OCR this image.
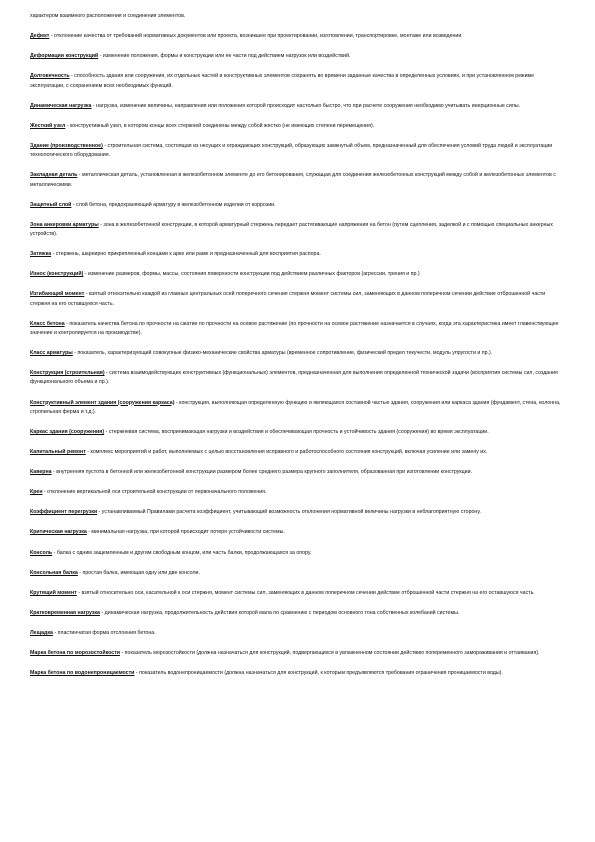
характером взаимного расположения и соединения элементов.

Дефект - отклонение качества от требований нормативных документов или проекта, возникшее при проектировании, изготовлении, транспортировке, монтаже или возведении.

Деформации конструкций - изменение положения, формы и конструкции или ее части под действием нагрузок или воздействий.

Долговечность - способность здания или сооружения, их отдельных частей и конструктивных элементов сохранять во времени заданные качества в определенных условиях, и при установленном режиме эксплуатации, с сохранением всех необходимых функций.

Динамическая нагрузка - нагрузка, изменение величины, направления или положения которой происходит настолько быстро, что при расчете сооружения необходимо учитывать инерционные силы.

Жесткий узел - конструктивный узел, в котором концы всех стержней соединены между собой жестко (не имеющих степени перемещения).

Здание (производственное) - строительная система, состоящая из несущих и ограждающих конструкций, образующих замкнутый объем, предназначенный для обеспечения условий труда людей и эксплуатации технологического оборудования.

Закладная деталь - металлическая деталь, установленная в железобетонном элементе до его бетонирования, служащая для соединения железобетонных конструкций между собой и железобетонных элементов с металлическими.

Защитный слой - слой бетона, предохраняющий арматуру в железобетонном изделии от коррозии.

Зона анкеровки арматуры - зона в железобетонной конструкции, в которой арматурный стержень передает растягивающие напряжения на бетон (путем сцепления, заделкой и с помощью специальных анкерных устройств).

Затяжка - стержень, шарнирно прикрепленный концами к арке или раме и предназначенный для восприятия распора.

Износ (конструкций) - изменение размеров, формы, массы, состояния поверхности конструкции под действием различных факторов (агрессии, трения и пр.)

Изгибающий момент - взятый относительно каждой из главных центральных осей поперечного сечения стержня момент системы сил, заменяющих в данном поперечном сечении действие отброшенной части стержня на его оставшуюся часть.

Класс бетона - показатель качества бетона по прочности на сжатие по прочности на осевое растяжение (по прочности на осевое растяжение назначается в случаях, когда эта характеристика имеет главенствующее значение и контролируется на производстве).

Класс арматуры - показатель, характеризующий совокупные физико-механические свойства арматуры (временное сопротивление, физический предел текучести, модуль упругости и пр.).

Конструкция (строительная) - система взаимодействующих конструктивных (функциональных) элементов, предназначенная для выполнения определенной технической задачи (восприятия системы сил, создания функционального объема и пр.).

Конструктивный элемент здания (сооружения каркаса) - конструкция, выполняющая определенную функцию и являющаяся составной частью здания, сооружения или каркаса здания (фундамент, стена, колонна, стропильная ферма и т.д.).

Каркас здания (сооружения) - стержневая система, воспринимающая нагрузки и воздействия и обеспечивающая прочность и устойчивость здания (сооружения) во время эксплуатации.

Капитальный ремонт - комплекс мероприятий и работ, выполняемых с целью восстановления исправного и работоспособного состояния конструкций, включая усиление или замену их.

Каверна - внутренняя пустота в бетонной или железобетонной конструкции размером более среднего размера крупного заполнителя, образованная при изготовлении конструкции.

Крен - отклонение вертикальной оси строительной конструкции от первоначального положения.

Коэффициент перегрузки - устанавливаемый Правилами расчета коэффициент, учитывающий возможность отклонения нормативной величины нагрузки в неблагоприятную сторону.

Критическая нагрузка - минимальная нагрузка, при которой происходит потеря устойчивости системы.

Консоль - балка с одним защемленным и другим свободным концом, или часть балки, продолжающаяся за опору.

Консольная балка - простая балка, имеющая одну или две консоли.

Крутящий момент - взятый относительно оси, касательной к оси стержня, момент системы сил, заменяющих в данном поперечном сечении действие отброшенной части стержня на его оставшуюся часть.

Кратковременная нагрузка - динамическая нагрузка, продолжительность действия которой мала по сравнению с периодом основного тона собственных колебаний системы.

Лещадка - пластинчатая форма отслоения бетона.

Марка бетона по морозостойкости - показатель морозостойкости (должна назначаться для конструкций, подвергающихся в увлажненном состоянии действию попеременного замораживания и оттаивания).

Марка бетона по водонепроницаемости - показатель водонепроницаемости (должна назначаться для конструкций, к которым предъявляются требования ограничения проницаемости воды).
